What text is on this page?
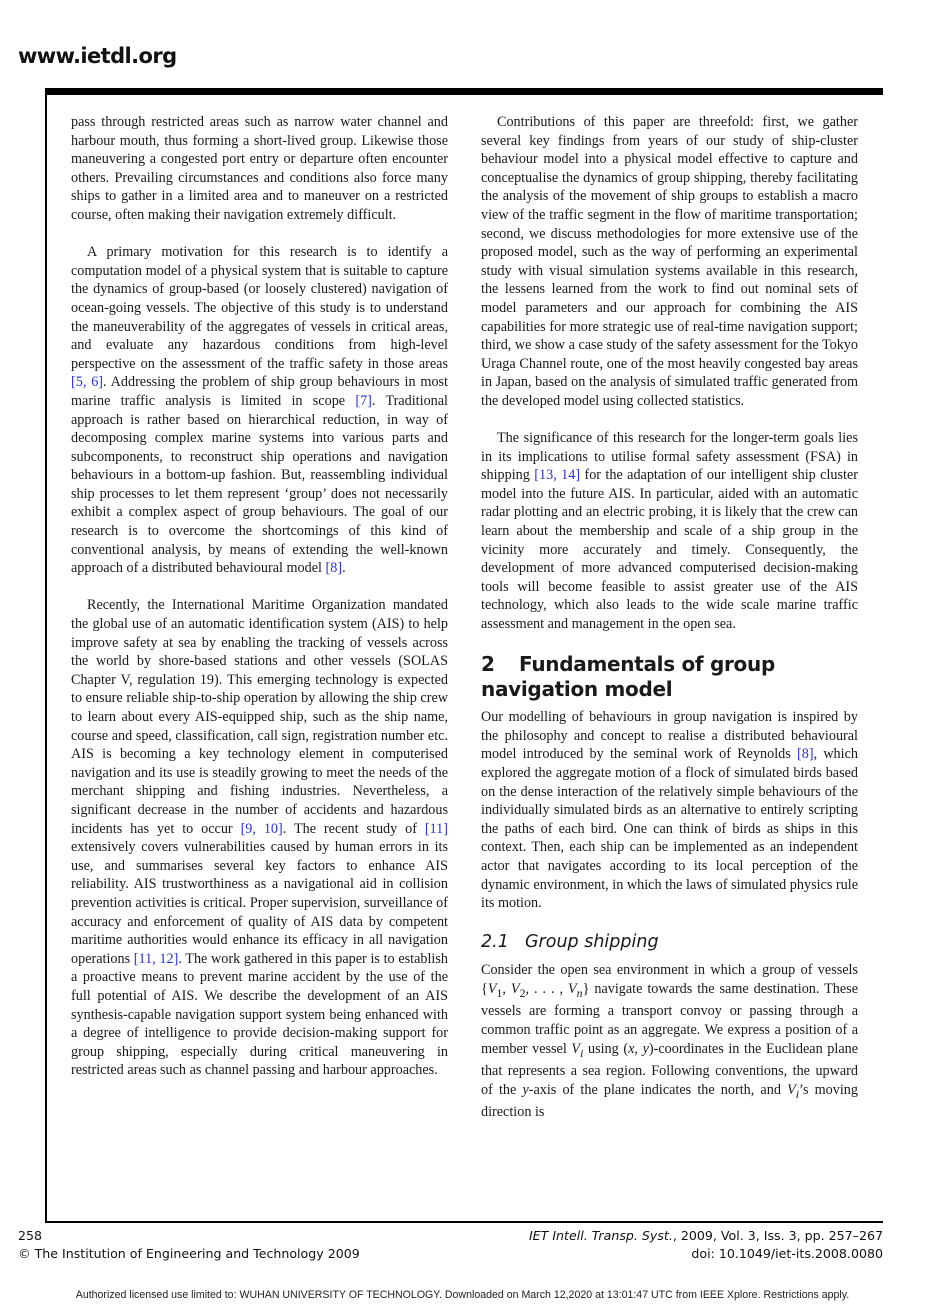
www.ietdl.org

pass through restricted areas such as narrow water channel and harbour mouth, thus forming a short-lived group. Likewise those maneuvering a congested port entry or departure often encounter others. Prevailing circumstances and conditions also force many ships to gather in a limited area and to maneuver on a restricted course, often making their navigation extremely difficult.

A primary motivation for this research is to identify a computation model of a physical system that is suitable to capture the dynamics of group-based (or loosely clustered) navigation of ocean-going vessels. The objective of this study is to understand the maneuverability of the aggregates of vessels in critical areas, and evaluate any hazardous conditions from high-level perspective on the assessment of the traffic safety in those areas [5, 6]. Addressing the problem of ship group behaviours in most marine traffic analysis is limited in scope [7]. Traditional approach is rather based on hierarchical reduction, in way of decomposing complex marine systems into various parts and subcomponents, to reconstruct ship operations and navigation behaviours in a bottom-up fashion. But, reassembling individual ship processes to let them represent ‘group’ does not necessarily exhibit a complex aspect of group behaviours. The goal of our research is to overcome the shortcomings of this kind of conventional analysis, by means of extending the well-known approach of a distributed behavioural model [8].

Recently, the International Maritime Organization mandated the global use of an automatic identification system (AIS) to help improve safety at sea by enabling the tracking of vessels across the world by shore-based stations and other vessels (SOLAS Chapter V, regulation 19). This emerging technology is expected to ensure reliable ship-to-ship operation by allowing the ship crew to learn about every AIS-equipped ship, such as the ship name, course and speed, classification, call sign, registration number etc. AIS is becoming a key technology element in computerised navigation and its use is steadily growing to meet the needs of the merchant shipping and fishing industries. Nevertheless, a significant decrease in the number of accidents and hazardous incidents has yet to occur [9, 10]. The recent study of [11] extensively covers vulnerabilities caused by human errors in its use, and summarises several key factors to enhance AIS reliability. AIS trustworthiness as a navigational aid in collision prevention activities is critical. Proper supervision, surveillance of accuracy and enforcement of quality of AIS data by competent maritime authorities would enhance its efficacy in all navigation operations [11, 12]. The work gathered in this paper is to establish a proactive means to prevent marine accident by the use of the full potential of AIS. We describe the development of an AIS synthesis-capable navigation support system being enhanced with a degree of intelligence to provide decision-making support for group shipping, especially during critical maneuvering in restricted areas such as channel passing and harbour approaches.

Contributions of this paper are threefold: first, we gather several key findings from years of our study of ship-cluster behaviour model into a physical model effective to capture and conceptualise the dynamics of group shipping, thereby facilitating the analysis of the movement of ship groups to establish a macro view of the traffic segment in the flow of maritime transportation; second, we discuss methodologies for more extensive use of the proposed model, such as the way of performing an experimental study with visual simulation systems available in this research, the lessens learned from the work to find out nominal sets of model parameters and our approach for combining the AIS capabilities for more strategic use of real-time navigation support; third, we show a case study of the safety assessment for the Tokyo Uraga Channel route, one of the most heavily congested bay areas in Japan, based on the analysis of simulated traffic generated from the developed model using collected statistics.

The significance of this research for the longer-term goals lies in its implications to utilise formal safety assessment (FSA) in shipping [13, 14] for the adaptation of our intelligent ship cluster model into the future AIS. In particular, aided with an automatic radar plotting and an electric probing, it is likely that the crew can learn about the membership and scale of a ship group in the vicinity more accurately and timely. Consequently, the development of more advanced computerised decision-making tools will become feasible to assist greater use of the AIS technology, which also leads to the wide scale marine traffic assessment and management in the open sea.

2 Fundamentals of group navigation model

Our modelling of behaviours in group navigation is inspired by the philosophy and concept to realise a distributed behavioural model introduced by the seminal work of Reynolds [8], which explored the aggregate motion of a flock of simulated birds based on the dense interaction of the relatively simple behaviours of the individually simulated birds as an alternative to entirely scripting the paths of each bird. One can think of birds as ships in this context. Then, each ship can be implemented as an independent actor that navigates according to its local perception of the dynamic environment, in which the laws of simulated physics rule its motion.

2.1 Group shipping

Consider the open sea environment in which a group of vessels {$V_1$, $V_2$, . . . , $V_n$} navigate towards the same destination. These vessels are forming a transport convoy or passing through a common traffic point as an aggregate. We express a position of a member vessel $V_i$ using (x, y)-coordinates in the Euclidean plane that represents a sea region. Following conventions, the upward of the y-axis of the plane indicates the north, and $V_i’s$ moving direction is

258
© The Institution of Engineering and Technology 2009
IET Intell. Transp. Syst., 2009, Vol. 3, Iss. 3, pp. 257–267
doi: 10.1049/iet-its.2008.0080
Authorized licensed use limited to: WUHAN UNIVERSITY OF TECHNOLOGY. Downloaded on March 12,2020 at 13:01:47 UTC from IEEE Xplore. Restrictions apply.
